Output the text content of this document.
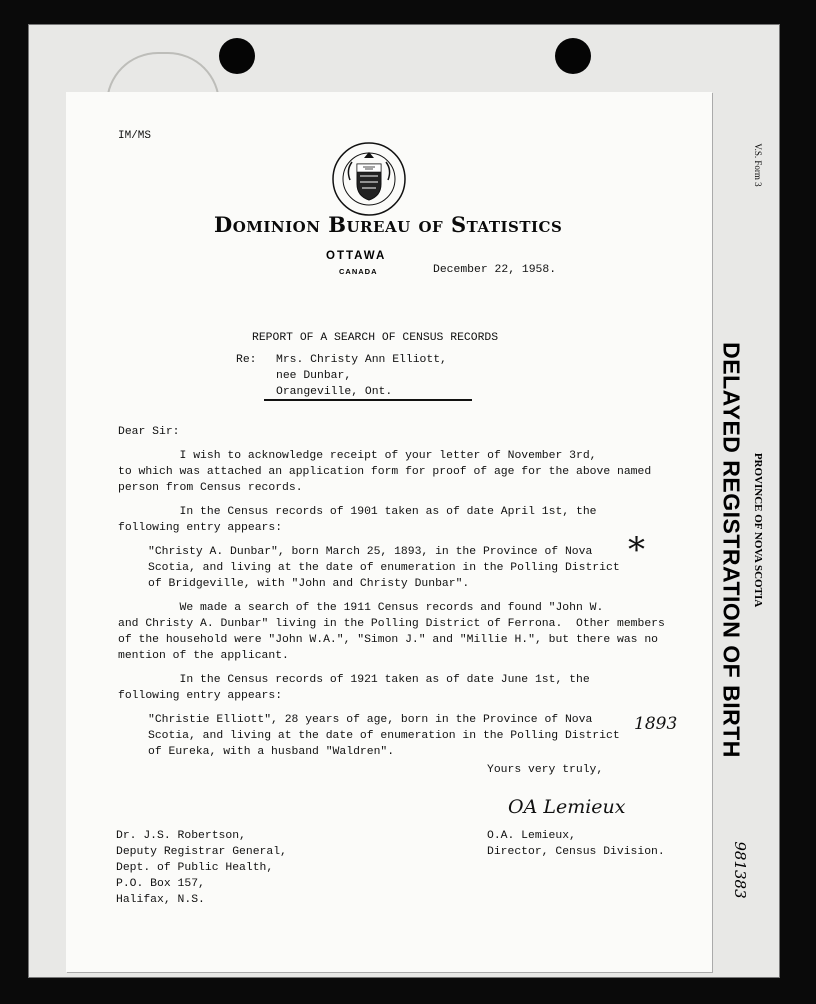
V.S. Form 3
DELAYED REGISTRATION OF BIRTH PROVINCE OF NOVA SCOTIA
981383
IM/MS
Dominion Bureau of Statistics
OTTAWA
CANADA	December 22, 1958.
REPORT OF A SEARCH OF CENSUS RECORDS
Re: Mrs. Christy Ann Elliott,
nee Dunbar,
Orangeville, Ont.
Dear Sir:
I wish to acknowledge receipt of your letter of November 3rd,
to which was attached an application form for proof of age for the above named
person from Census records.
In the Census records of 1901 taken as of date April 1st, the
following entry appears:
"Christy A. Dunbar", born March 25, 1893, in the Province of Nova
Scotia, and living at the date of enumeration in the Polling District
of Bridgeville, with "John and Christy Dunbar".
We made a search of the 1911 Census records and found "John W.
and Christy A. Dunbar" living in the Polling District of Ferrona.  Other members
of the household were "John W.A.", "Simon J." and "Millie H.", but there was no
mention of the applicant.
In the Census records of 1921 taken as of date June 1st, the
following entry appears:
"Christie Elliott", 28 years of age, born in the Province of Nova
Scotia, and living at the date of enumeration in the Polling District
of Eureka, with a husband "Waldren".
*
1893
Yours very truly,
OA Lemieux
O.A. Lemieux,
Director, Census Division.
Dr. J.S. Robertson,
Deputy Registrar General,
Dept. of Public Health,
P.O. Box 157,
Halifax, N.S.
